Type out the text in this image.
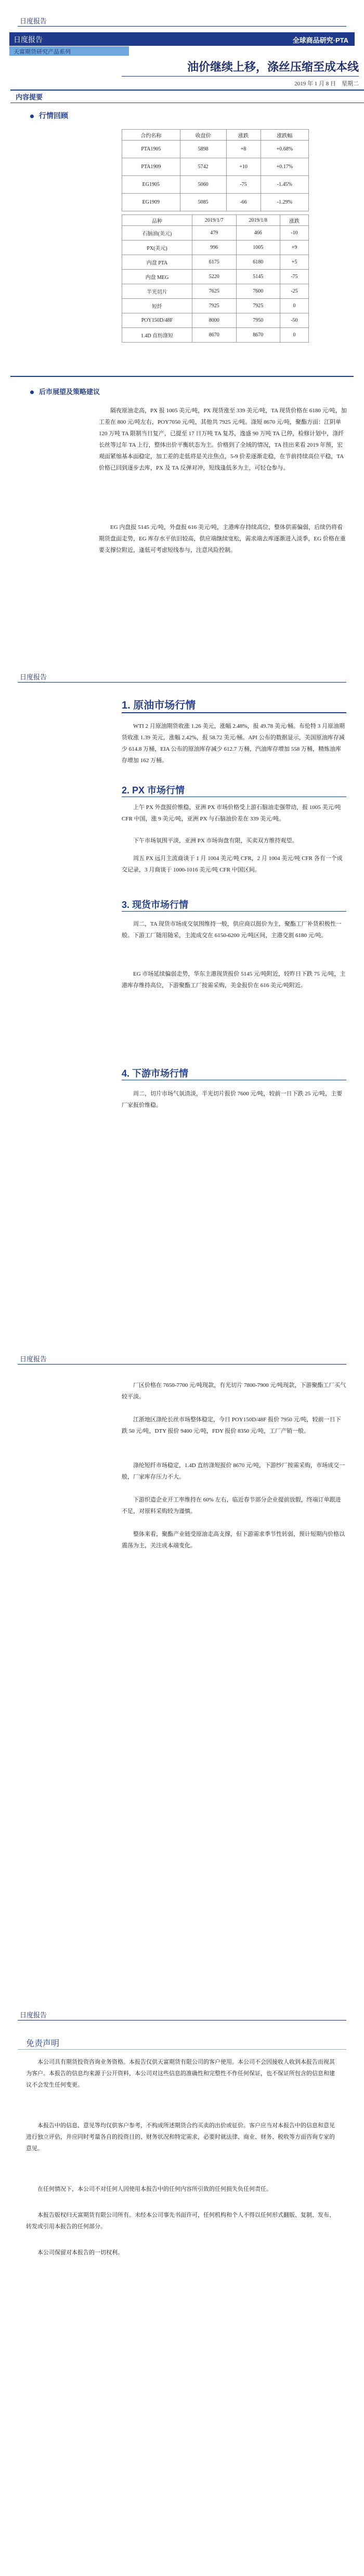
日度报告
日度报告	全球商品研究·PTA
天富期货研究产品系列
油价继续上移，涤丝压缩至成本线
2019 年 1 月 8 日　星期二
内容提要
行情回顾
合约名称	收盘价	涨跌	涨跌幅
PTA1905	5898	+8	+0.68%
PTA1909	5742	+10	+0.17%
EG1905	5060	-75	-1.45%
EG1909	5085	-66	-1.29%
品种	2019/1/7	2019/1/8	涨跌
石脑油(美元)	479	466	-10
PX(美元)	996	1005	+9
内盘 PTA	6175	6180	+5
内盘 MEG	5220	5145	-75
半光切片	7625	7600	-25
短纤	7925	7925	0
POY150D/48F	8000	7950	-50
1.4D 直纺涤短	8670	8670	0
后市展望及策略建议
隔夜原油走高，PX 报 1005 美元/吨，PX 现货涨至 339 美元/吨，TA 现货价格在 6180 元/吨，加工差在 800 元/吨左右，POY7050 元/吨，其他共 7925 元/吨。涤短 8670 元/吨，聚酯方面：江阴单 120 万吨 TA 限制当日复产，已提至 17 日万吨 TA 复苏，逸盛 90 万吨 TA 已停，检修计划中，涤纤长丝等过年 TA 上行，整体出价平衡状态为主。价格到了全域的情况，TA 挂出来看 2019 年预，宏观面紧缩基本面稳定，加工差的走低将是关注焦点，5-9 价差逐渐走稳，在节前持续高位平稳，TA 价格已回到逐步去库，PX 及 TA 反弹对冲，短线逢低多为主，可轻仓参与。
EG 内盘报 5145 元/吨，外盘报 616 美元/吨，主港库存持续高位，整体供需偏弱，后续仍将看期货盘面走势，EG 库存水平依旧较高，供应端继续宽松，需求端去库逐渐进入淡季，EG 价格在重要支撑位附近，逢低可考虑短线参与，注意风险控制。
日度报告
1. 原油市场行情
WTI 2 月原油期货收涨 1.26 美元，涨幅 2.48%，报 49.78 美元/桶。布伦特 3 月原油期货收涨 1.39 美元，涨幅 2.42%，报 58.72 美元/桶。API 公布的数据显示，美国原油库存减少 614.8 万桶，EIA 公布的原油库存减少 612.7 万桶，汽油库存增加 558 万桶，精炼油库存增加 162 万桶。
2. PX 市场行情
上午 PX 外盘报价维稳，亚洲 PX 市场价格受上游石脑油走强带动，报 1005 美元/吨 CFR 中国，涨 9 美元/吨，亚洲 PX 与石脑油价差在 339 美元/吨。
下午市场氛围平淡，亚洲 PX 市场询盘有限，买卖双方维持观望。
周五 PX 远月主流商谈于 1 月 1004 美元/吨 CFR，2 月 1004 美元/吨 CFR 各有一个成交记录，3 月商谈于 1000-1016 美元/吨 CFR 中国区间。
3. 现货市场行情
周二，TA 现货市场成交氛围维持一般，供应商以挺价为主，聚酯工厂补货积极性一般。下游工厂随用随采，主流成交在 6150-6200 元/吨区间，主港交割 6180 元/吨。
EG 市场延续偏弱走势，华东主港现货报价 5145 元/吨附近，较昨日下跌 75 元/吨，主港库存维持高位，下游聚酯工厂按需采购，美金报价在 616 美元/吨附近。
4. 下游市场行情
周二，切片市场气氛清淡，半光切片报价 7600 元/吨，较前一日下跌 25 元/吨，主要厂家报价维稳。
日度报告
厂区价格在 7650-7700 元/吨现款，有光切片 7800-7900 元/吨现款，下游聚酯工厂买气较平淡。
江浙地区涤纶长丝市场整体稳定，今日 POY150D/48F 报价 7950 元/吨，较前一日下跌 50 元/吨，DTY 报价 9400 元/吨，FDY 报价 8350 元/吨，工厂产销一般。
涤纶短纤市场稳定，1.4D 直纺涤短报价 8670 元/吨，下游纱厂按需采购，市场成交一般，厂家库存压力不大。
下游织造企业开工率维持在 60% 左右，临近春节部分企业提前放假，终端订单跟进不足，对原料采购较为谨慎。
整体来看，聚酯产业链受原油走高支撑，但下游需求季节性转弱，预计短期内价格以震荡为主，关注成本端变化。
日度报告
免责声明
本公司具有期货投资咨询业务资格。本报告仅供天富期货有限公司的客户使用。本公司不会因接收人收到本报告而视其为客户。本报告的信息均来源于公开资料，本公司对这些信息的准确性和完整性不作任何保证，也不保证所包含的信息和建议不会发生任何变更。
本报告中的信息、意见等均仅供客户参考，不构成所述期货合约买卖的出价或征价。客户应当对本报告中的信息和意见进行独立评估，并应同时考量各自的投资目的、财务状况和特定需求，必要时就法律、商业、财务、税收等方面咨询专家的意见。
在任何情况下，本公司不对任何人因使用本报告中的任何内容所引致的任何损失负任何责任。
本报告版权归天富期货有限公司所有。未经本公司事先书面许可，任何机构和个人不得以任何形式翻版、复制、发布、转发或引用本报告的任何部分。
本公司保留对本报告的一切权利。
